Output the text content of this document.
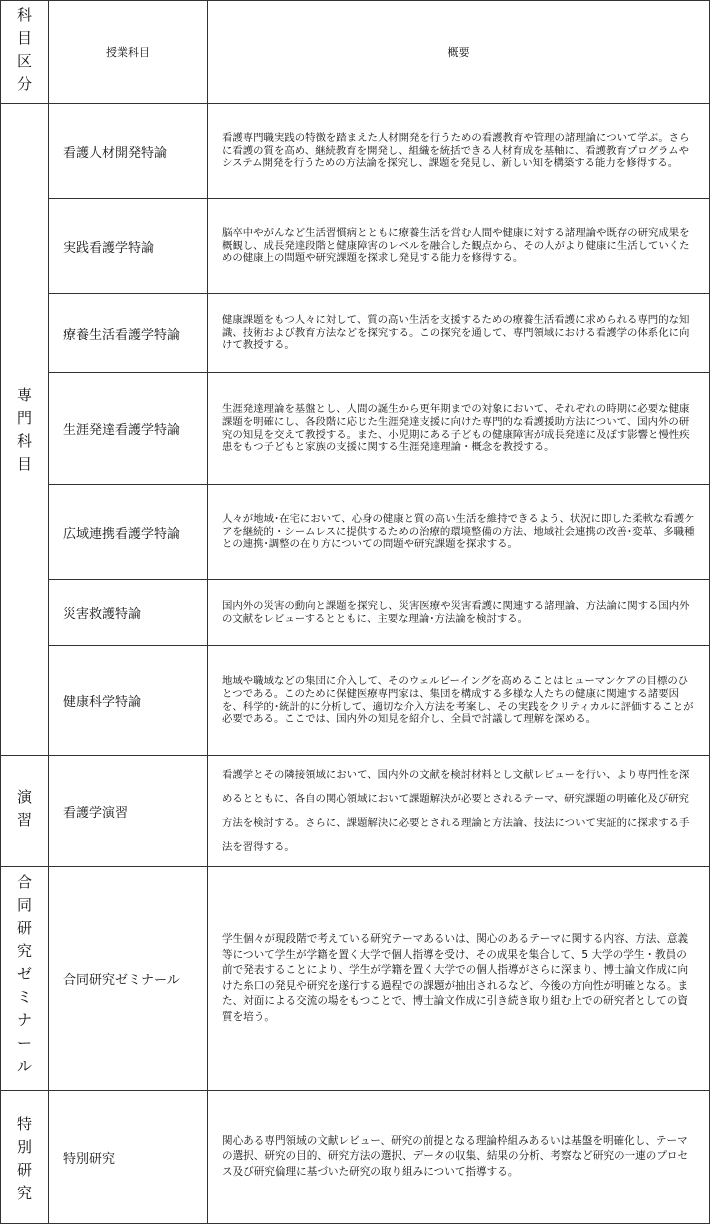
科目区分	授業科目	概要

専門科目	看護人材開発特論	看護専門職実践の特徴を踏まえた人材開発を行うための看護教育や管理の諸理論について学ぶ。さらに看護の質を高め、継続教育を開発し、組織を統括できる人材育成を基軸に、看護教育プログラムやシステム開発を行うための方法論を探究し、課題を発見し、新しい知を構築する能力を修得する。
	実践看護学特論	脳卒中やがんなど生活習慣病とともに療養生活を営む人間や健康に対する諸理論や既存の研究成果を概観し、成長発達段階と健康障害のレベルを融合した観点から、その人がより健康に生活していくための健康上の問題や研究課題を探求し発見する能力を修得する。
	療養生活看護学特論	健康課題をもつ人々に対して、質の高い生活を支援するための療養生活看護に求められる専門的な知識、技術および教育方法などを探究する。この探究を通して、専門領域における看護学の体系化に向けて教授する。
	生涯発達看護学特論	生涯発達理論を基盤とし、人間の誕生から更年期までの対象において、それぞれの時期に必要な健康課題を明確にし、各段階に応じた生涯発達支援に向けた専門的な看護援助方法について、国内外の研究の知見を交えて教授する。また、小児期にある子どもの健康障害が成長発達に及ぼす影響と慢性疾患をもつ子どもと家族の支援に関する生涯発達理論・概念を教授する。
	広域連携看護学特論	人々が地域･在宅において、心身の健康と質の高い生活を維持できるよう、状況に即した柔軟な看護ケアを継続的・シームレスに提供するための治療的環境整備の方法、地域社会連携の改善･変革、多職種との連携･調整の在り方についての問題や研究課題を探求する。
	災害救護特論	国内外の災害の動向と課題を探究し、災害医療や災害看護に関連する諸理論、方法論に関する国内外の文献をレビューするとともに、主要な理論･方法論を検討する。
	健康科学特論	地域や職域などの集団に介入して、そのウェルビーイングを高めることはヒューマンケアの目標のひとつである。このために保健医療専門家は、集団を構成する多様な人たちの健康に関連する諸要因を、科学的･統計的に分析して、適切な介入方法を考案し、その実践をクリティカルに評価することが必要である。ここでは、国内外の知見を紹介し、全員で討議して理解を深める。

演習	看護学演習	看護学とその隣接領域において、国内外の文献を検討材料とし文献レビューを行い、より専門性を深めるとともに、各自の関心領域において課題解決が必要とされるテーマ、研究課題の明確化及び研究方法を検討する。さらに、課題解決に必要とされる理論と方法論、技法について実証的に探求する手法を習得する。

合同研究ゼミナール	合同研究ゼミナール	学生個々が現段階で考えている研究テーマあるいは、関心のあるテーマに関する内容、方法、意義等について学生が学籍を置く大学で個人指導を受け、その成果を集合して、5 大学の学生・教員の前で発表することにより、学生が学籍を置く大学での個人指導がさらに深まり、博士論文作成に向けた糸口の発見や研究を遂行する過程での課題が抽出されるなど、今後の方向性が明確となる。また、対面による交流の場をもつことで、博士論文作成に引き続き取り組む上での研究者としての資質を培う。

特別研究	特別研究	関心ある専門領域の文献レビュー、研究の前提となる理論枠組みあるいは基盤を明確化し、テーマの選択、研究の目的、研究方法の選択、データの収集、結果の分析、考察など研究の一連のプロセス及び研究倫理に基づいた研究の取り組みについて指導する。
